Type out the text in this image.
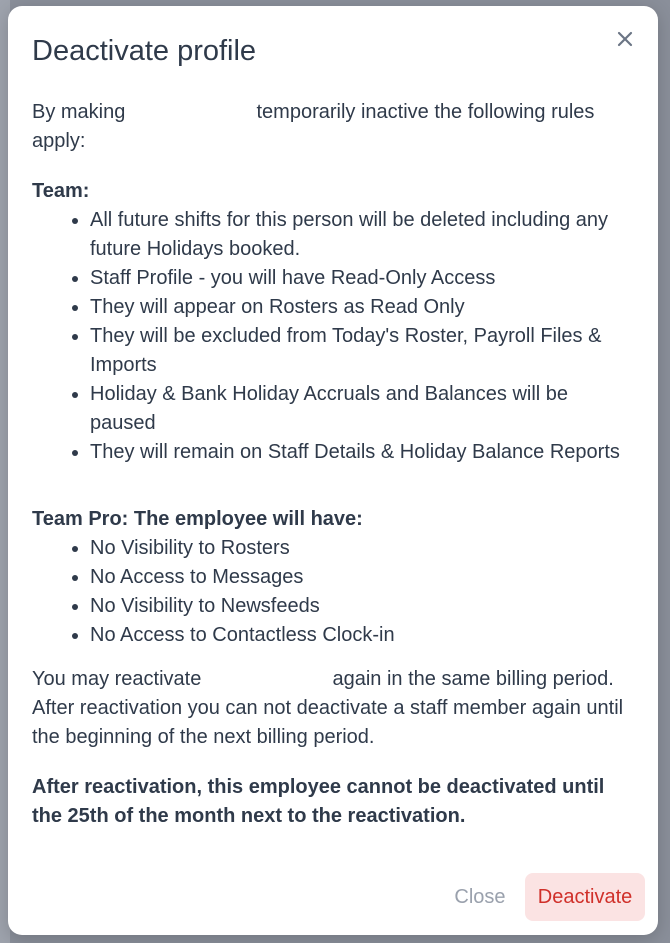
Deactivate profile

By making	temporarily inactive the following rules apply:

Team:

• All future shifts for this person will be deleted including any future Holidays booked.
• Staff Profile - you will have Read-Only Access
• They will appear on Rosters as Read Only
• They will be excluded from Today's Roster, Payroll Files & Imports
• Holiday & Bank Holiday Accruals and Balances will be paused
• They will remain on Staff Details & Holiday Balance Reports

Team Pro: The employee will have:

• No Visibility to Rosters
• No Access to Messages
• No Visibility to Newsfeeds
• No Access to Contactless Clock-in

You may reactivate	again in the same billing period. After reactivation you can not deactivate a staff member again until the beginning of the next billing period.

After reactivation, this employee cannot be deactivated until the 25th of the month next to the reactivation.

Close	Deactivate
